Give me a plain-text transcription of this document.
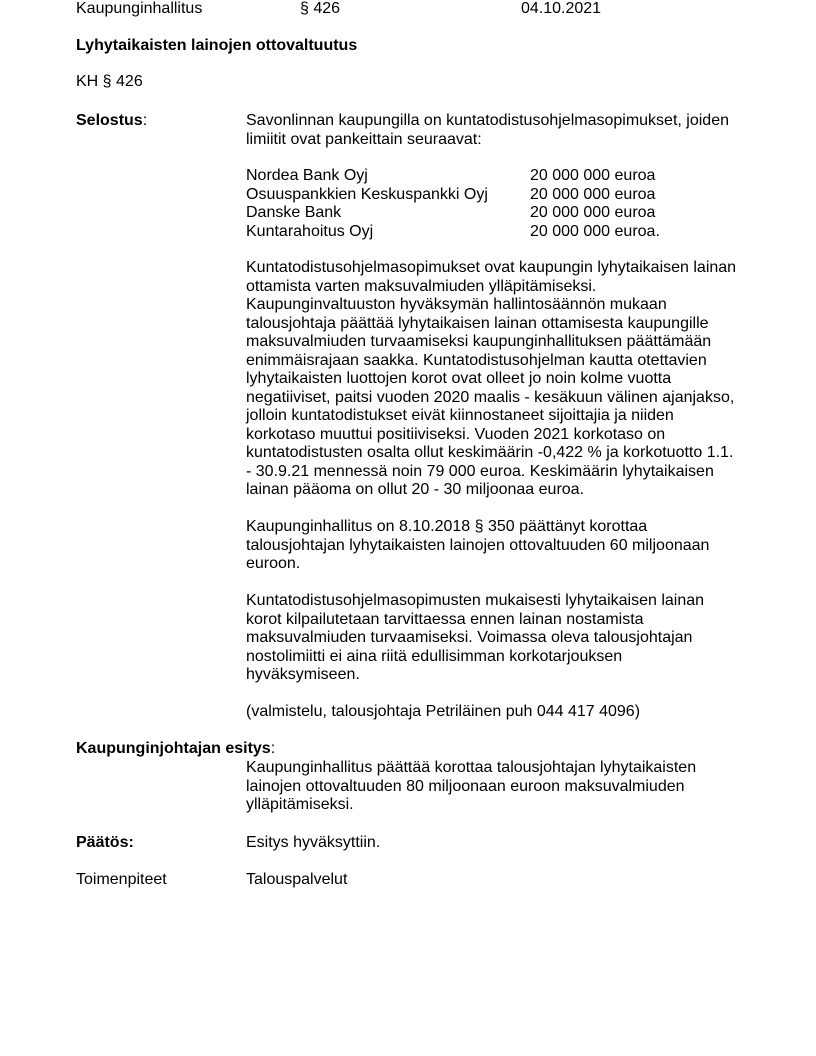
Kaupunginhallitus	§ 426	04.10.2021
Lyhytaikaisten lainojen ottovaltuutus
KH § 426
Selostus:	Savonlinnan kaupungilla on kuntatodistusohjelmasopimukset, joiden

limiitit ovat pankeittain seuraavat:

Nordea Bank Oyj	20 000 000 euroa
Osuuspankkien Keskuspankki Oyj	20 000 000 euroa
Danske Bank	20 000 000 euroa
Kuntarahoitus Oyj	20 000 000 euroa.

Kuntatodistusohjelmasopimukset ovat kaupungin lyhytaikaisen lainan

ottamista varten maksuvalmiuden ylläpitämiseksi.

Kaupunginvaltuuston hyväksymän hallintosäännön mukaan

talousjohtaja päättää lyhytaikaisen lainan ottamisesta kaupungille

maksuvalmiuden turvaamiseksi kaupunginhallituksen päättämään

enimmäisrajaan saakka. Kuntatodistusohjelman kautta otettavien

lyhytaikaisten luottojen korot ovat olleet jo noin kolme vuotta

negatiiviset, paitsi vuoden 2020 maalis - kesäkuun välinen ajanjakso,

jolloin kuntatodistukset eivät kiinnostaneet sijoittajia ja niiden

korkotaso muuttui positiiviseksi. Vuoden 2021 korkotaso on

kuntatodistusten osalta ollut keskimäärin -0,422 % ja korkotuotto 1.1.

- 30.9.21 mennessä noin 79 000 euroa. Keskimäärin lyhytaikaisen

lainan pääoma on ollut 20 - 30 miljoonaa euroa.

Kaupunginhallitus on 8.10.2018 § 350 päättänyt korottaa

talousjohtajan lyhytaikaisten lainojen ottovaltuuden 60 miljoonaan

euroon.

Kuntatodistusohjelmasopimusten mukaisesti lyhytaikaisen lainan

korot kilpailutetaan tarvittaessa ennen lainan nostamista

maksuvalmiuden turvaamiseksi. Voimassa oleva talousjohtajan

nostolimiitti ei aina riitä edullisimman korkotarjouksen

hyväksymiseen.

(valmistelu, talousjohtaja Petriläinen puh 044 417 4096)
Kaupunginjohtajan esitys:

Kaupunginhallitus päättää korottaa talousjohtajan lyhytaikaisten

lainojen ottovaltuuden 80 miljoonaan euroon maksuvalmiuden

ylläpitämiseksi.

Päätös:	Esitys hyväksyttiin.
Toimenpiteet	Talouspalvelut
